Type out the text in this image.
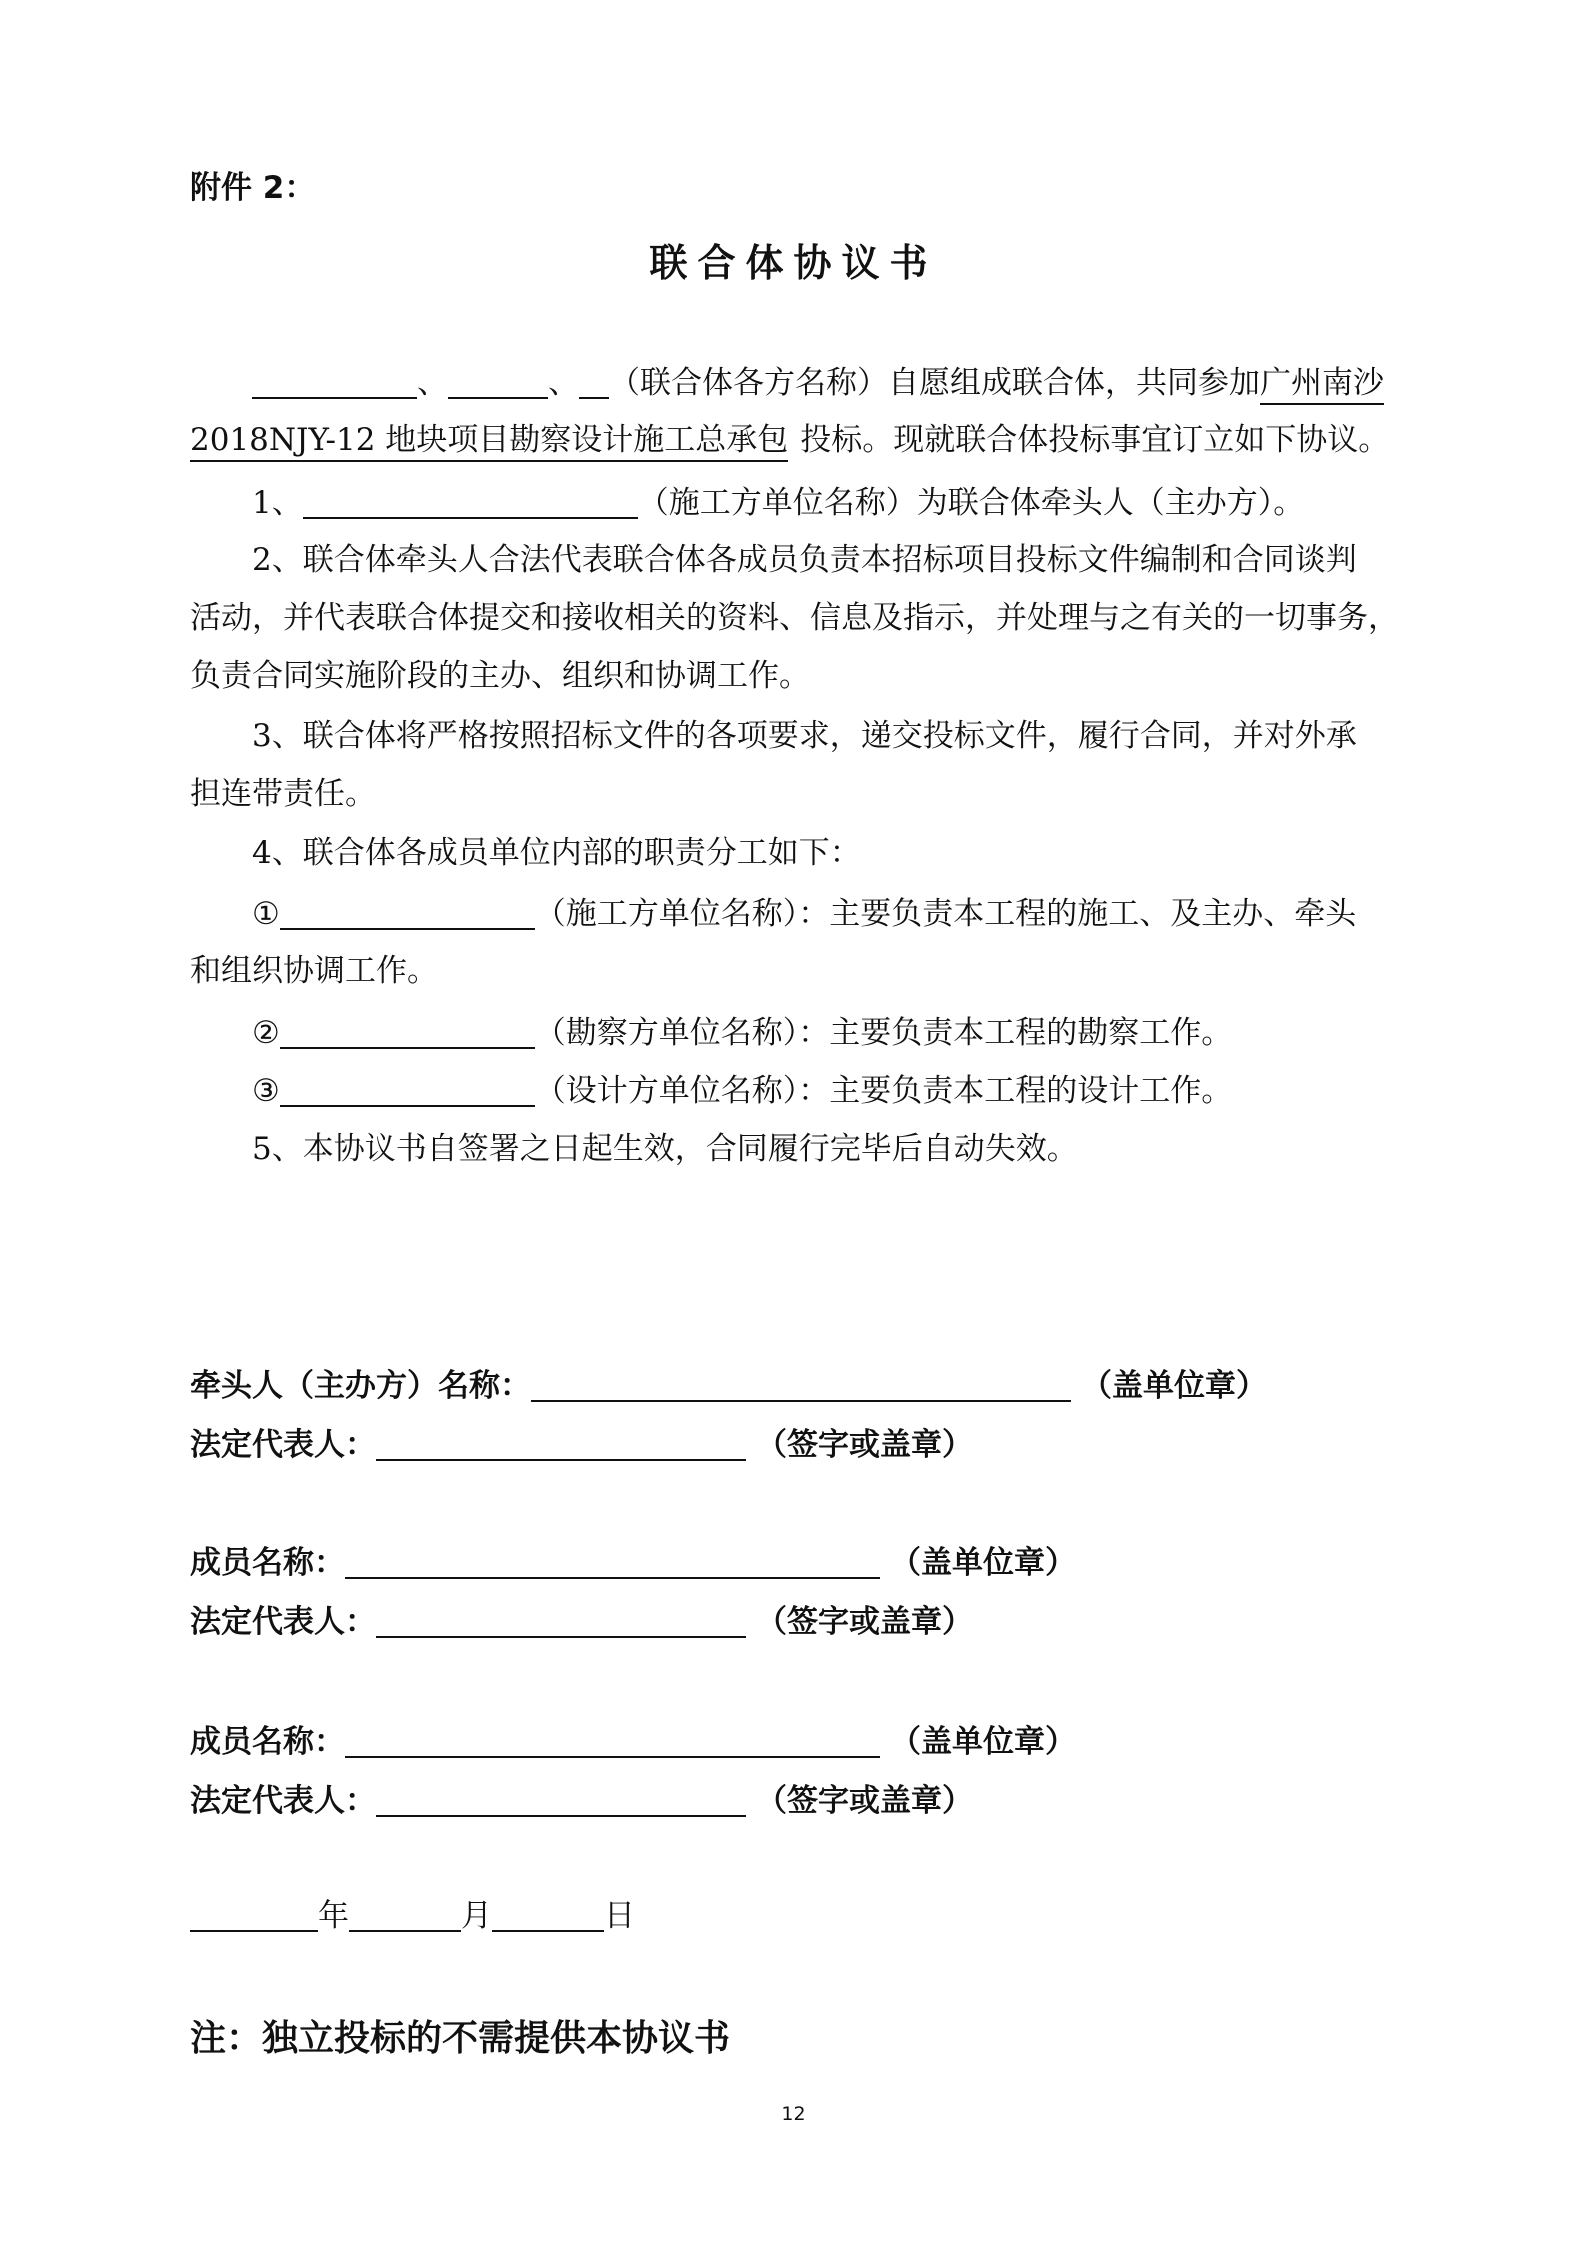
附件 2：
联合体协议书
、	、 （联合体各方名称）自愿组成联合体，共同参加广州南沙
2018NJY-12 地块项目勘察设计施工总承包 投标。现就联合体投标事宜订立如下协议。
1、	（施工方单位名称）为联合体牵头人（主办方）。
2、联合体牵头人合法代表联合体各成员负责本招标项目投标文件编制和合同谈判
活动，并代表联合体提交和接收相关的资料、信息及指示，并处理与之有关的一切事务，
负责合同实施阶段的主办、组织和协调工作。
3、联合体将严格按照招标文件的各项要求，递交投标文件，履行合同，并对外承
担连带责任。
4、联合体各成员单位内部的职责分工如下：
①	（施工方单位名称）：主要负责本工程的施工、及主办、牵头
和组织协调工作。
②	（勘察方单位名称）：主要负责本工程的勘察工作。
③	（设计方单位名称）：主要负责本工程的设计工作。
5、本协议书自签署之日起生效，合同履行完毕后自动失效。
牵头人（主办方）名称：	（盖单位章）
法定代表人：	（签字或盖章）
成员名称：	（盖单位章）
法定代表人：	（签字或盖章）
成员名称：	（盖单位章）
法定代表人：	（签字或盖章）
年	月	日
注：独立投标的不需提供本协议书
12
